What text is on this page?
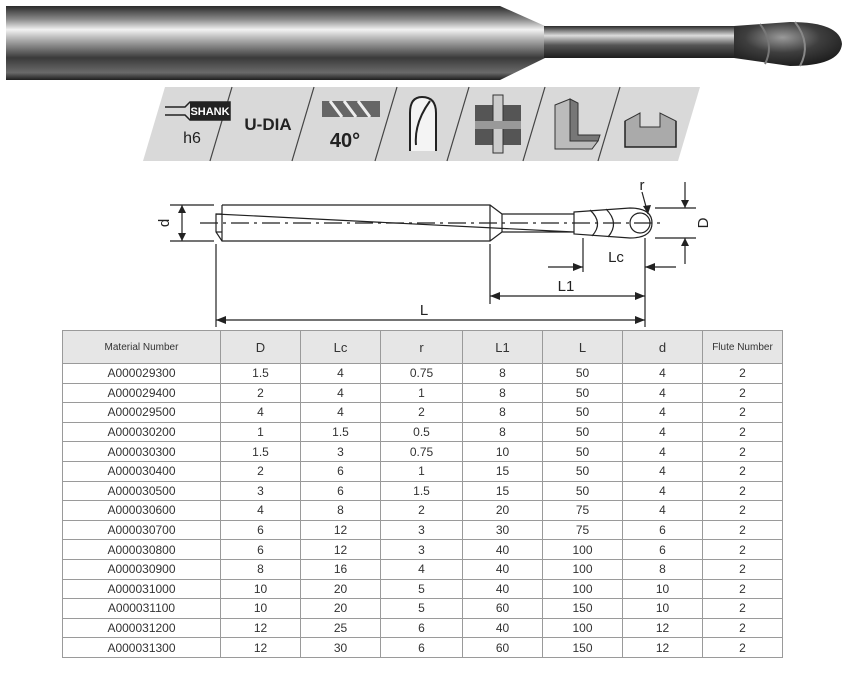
SHANK
h6
U-DIA
40°
d	D
r
Lc
L1
L
Material Number	D	Lc	r	L1	L	d	Flute Number
A000029300	1.5	4	0.75	8	50	4	2
A000029400	2	4	1	8	50	4	2
A000029500	4	4	2	8	50	4	2
A000030200	1	1.5	0.5	8	50	4	2
A000030300	1.5	3	0.75	10	50	4	2
A000030400	2	6	1	15	50	4	2
A000030500	3	6	1.5	15	50	4	2
A000030600	4	8	2	20	75	4	2
A000030700	6	12	3	30	75	6	2
A000030800	6	12	3	40	100	6	2
A000030900	8	16	4	40	100	8	2
A000031000	10	20	5	40	100	10	2
A000031100	10	20	5	60	150	10	2
A000031200	12	25	6	40	100	12	2
A000031300	12	30	6	60	150	12	2
